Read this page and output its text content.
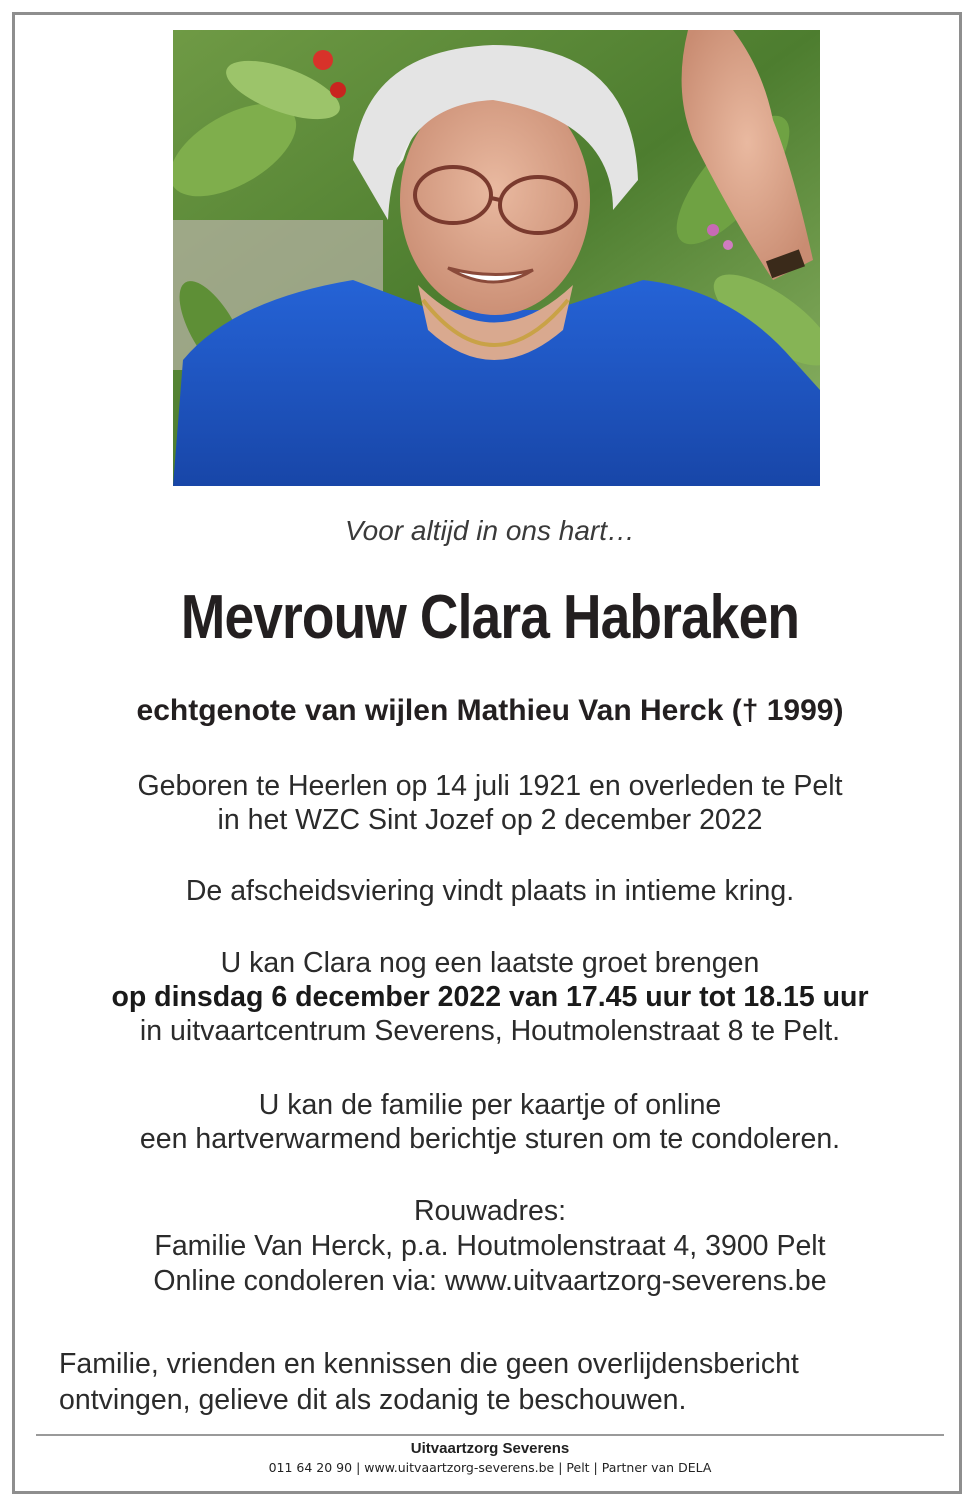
Voor altijd in ons hart…
Mevrouw Clara Habraken
echtgenote van wijlen Mathieu Van Herck († 1999)
Geboren te Heerlen op 14 juli 1921 en overleden te Pelt
in het WZC Sint Jozef op 2 december 2022
De afscheidsviering vindt plaats in intieme kring.
U kan Clara nog een laatste groet brengen
op dinsdag 6 december 2022 van 17.45 uur tot 18.15 uur
in uitvaartcentrum Severens, Houtmolenstraat 8 te Pelt.
U kan de familie per kaartje of online
een hartverwarmend berichtje sturen om te condoleren.
Rouwadres:
Familie Van Herck, p.a. Houtmolenstraat 4, 3900 Pelt
Online condoleren via: www.uitvaartzorg-severens.be
Familie, vrienden en kennissen die geen overlijdensbericht
ontvingen, gelieve dit als zodanig te beschouwen.
Uitvaartzorg Severens
011 64 20 90 | www.uitvaartzorg-severens.be | Pelt | Partner van DELA
